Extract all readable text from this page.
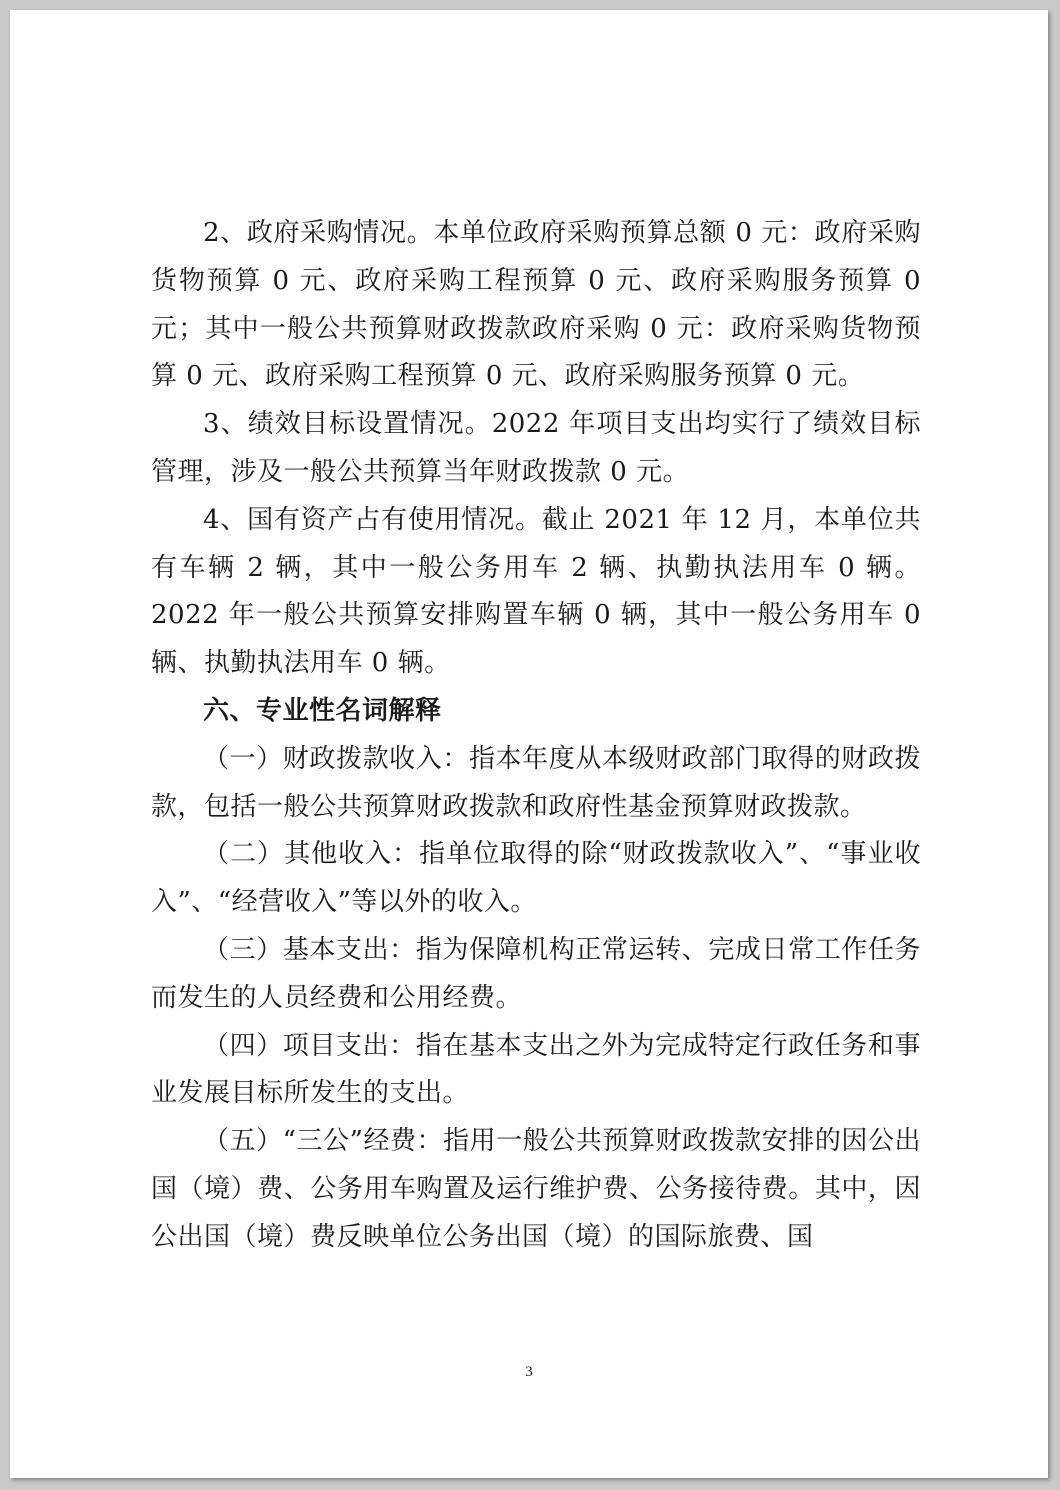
2、政府采购情况。本单位政府采购预算总额 0 元：政府采购货物预算 0 元、政府采购工程预算 0 元、政府采购服务预算 0 元；其中一般公共预算财政拨款政府采购 0 元：政府采购货物预算 0 元、政府采购工程预算 0 元、政府采购服务预算 0 元。

3、绩效目标设置情况。2022 年项目支出均实行了绩效目标管理，涉及一般公共预算当年财政拨款 0 元。

4、国有资产占有使用情况。截止 2021 年 12 月，本单位共有车辆 2 辆，其中一般公务用车 2 辆、执勤执法用车 0 辆。2022 年一般公共预算安排购置车辆 0 辆，其中一般公务用车 0 辆、执勤执法用车 0 辆。

六、专业性名词解释

（一）财政拨款收入：指本年度从本级财政部门取得的财政拨款，包括一般公共预算财政拨款和政府性基金预算财政拨款。

（二）其他收入：指单位取得的除“财政拨款收入”、“事业收入”、“经营收入”等以外的收入。

（三）基本支出：指为保障机构正常运转、完成日常工作任务而发生的人员经费和公用经费。

（四）项目支出：指在基本支出之外为完成特定行政任务和事业发展目标所发生的支出。

（五）“三公”经费：指用一般公共预算财政拨款安排的因公出国（境）费、公务用车购置及运行维护费、公务接待费。其中，因公出国（境）费反映单位公务出国（境）的国际旅费、国

3
